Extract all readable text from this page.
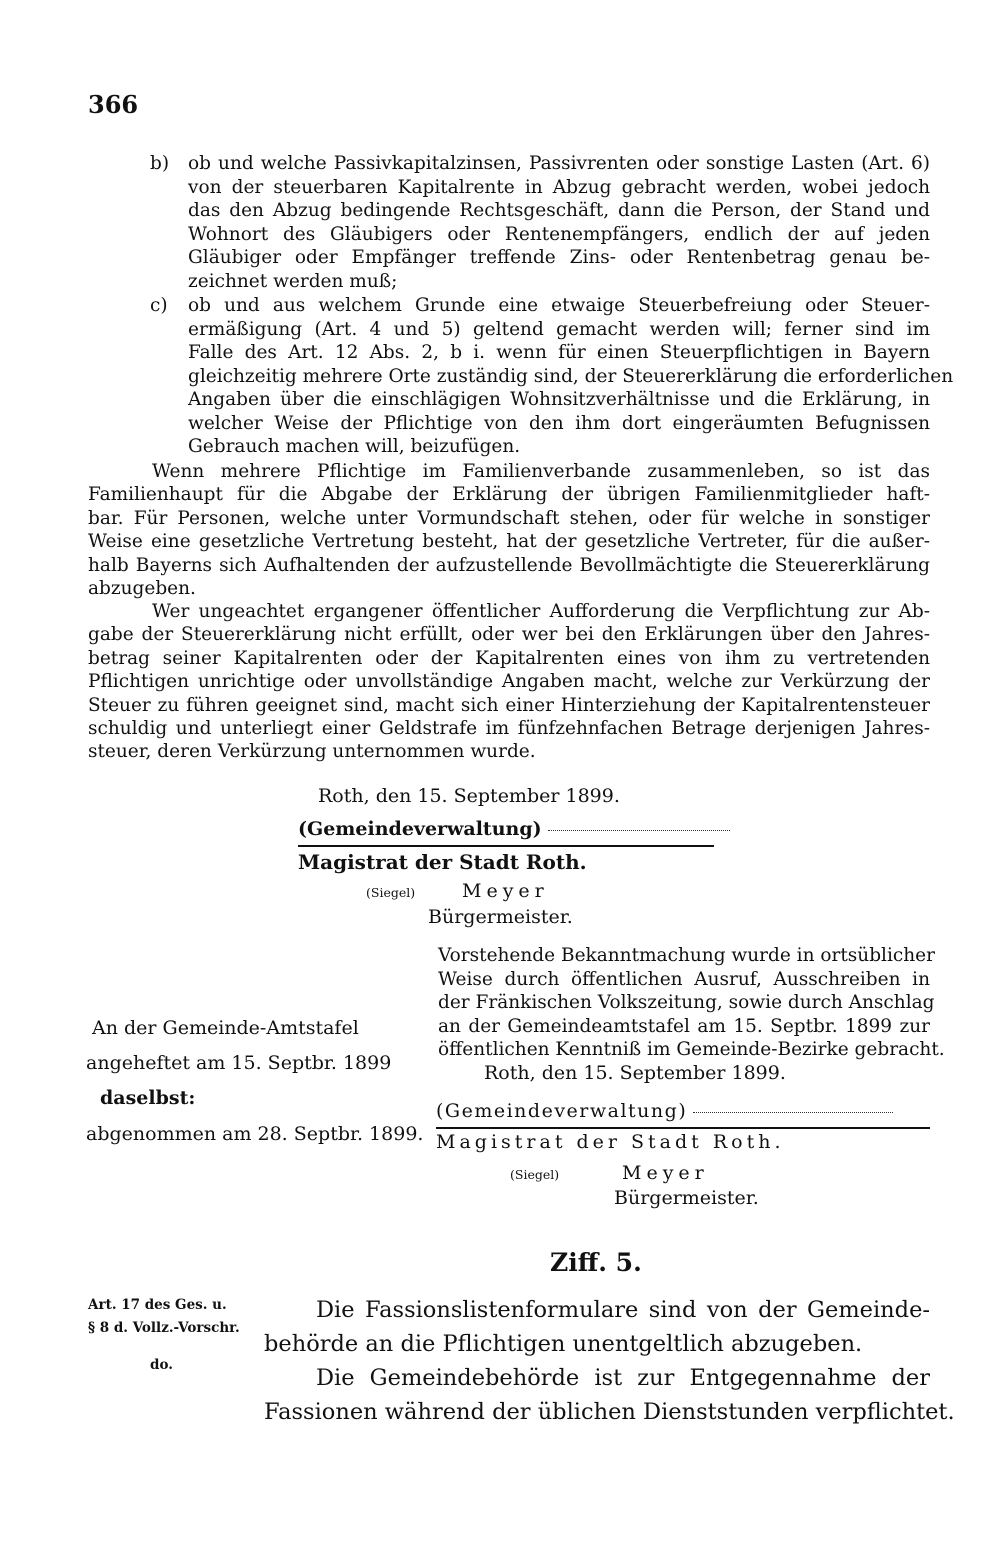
366
b) ob und welche Passivkapitalzinsen, Passivrenten oder sonstige Lasten (Art. 6)
von der steuerbaren Kapitalrente in Abzug gebracht werden, wobei jedoch
das den Abzug bedingende Rechtsgeschäft, dann die Person, der Stand und
Wohnort des Gläubigers oder Rentenempfängers, endlich der auf jeden
Gläubiger oder Empfänger treffende Zins- oder Rentenbetrag genau be-
zeichnet werden muß;
c) ob und aus welchem Grunde eine etwaige Steuerbefreiung oder Steuer-
ermäßigung (Art. 4 und 5) geltend gemacht werden will; ferner sind im
Falle des Art. 12 Abs. 2, b i. wenn für einen Steuerpflichtigen in Bayern
gleichzeitig mehrere Orte zuständig sind, der Steuererklärung die erforderlichen
Angaben über die einschlägigen Wohnsitzverhältnisse und die Erklärung, in
welcher Weise der Pflichtige von den ihm dort eingeräumten Befugnissen
Gebrauch machen will, beizufügen.
Wenn mehrere Pflichtige im Familienverbande zusammenleben, so ist das
Familienhaupt für die Abgabe der Erklärung der übrigen Familienmitglieder haft-
bar. Für Personen, welche unter Vormundschaft stehen, oder für welche in sonstiger
Weise eine gesetzliche Vertretung besteht, hat der gesetzliche Vertreter, für die außer-
halb Bayerns sich Aufhaltenden der aufzustellende Bevollmächtigte die Steuererklärung
abzugeben.
Wer ungeachtet ergangener öffentlicher Aufforderung die Verpflichtung zur Ab-
gabe der Steuererklärung nicht erfüllt, oder wer bei den Erklärungen über den Jahres-
betrag seiner Kapitalrenten oder der Kapitalrenten eines von ihm zu vertretenden
Pflichtigen unrichtige oder unvollständige Angaben macht, welche zur Verkürzung der
Steuer zu führen geeignet sind, macht sich einer Hinterziehung der Kapitalrentensteuer
schuldig und unterliegt einer Geldstrafe im fünfzehnfachen Betrage derjenigen Jahres-
steuer, deren Verkürzung unternommen wurde.
Roth, den 15. September 1899.
(Gemeindeverwaltung)
Magistrat der Stadt Roth.
(Siegel) Meyer
Bürgermeister.
An der Gemeinde-Amtstafel
angeheftet am 15. Septbr. 1899
daselbst:
abgenommen am 28. Septbr. 1899.
Vorstehende Bekanntmachung wurde in ortsüblicher
Weise durch öffentlichen Ausruf, Ausschreiben in
der Fränkischen Volkszeitung, sowie durch Anschlag
an der Gemeindeamtstafel am 15. Septbr. 1899 zur
öffentlichen Kenntniß im Gemeinde-Bezirke gebracht.
Roth, den 15. September 1899.
(Gemeindeverwaltung)
Magistrat der Stadt Roth.
(Siegel)	Meyer
Bürgermeister.
Ziff. 5.
Art. 17 des Ges. u.
§ 8 d. Vollz.-Vorschr.
do.
Die Fassionslistenformulare sind von der Gemeinde-
behörde an die Pflichtigen unentgeltlich abzugeben.
Die Gemeindebehörde ist zur Entgegennahme der
Fassionen während der üblichen Dienststunden verpflichtet.
